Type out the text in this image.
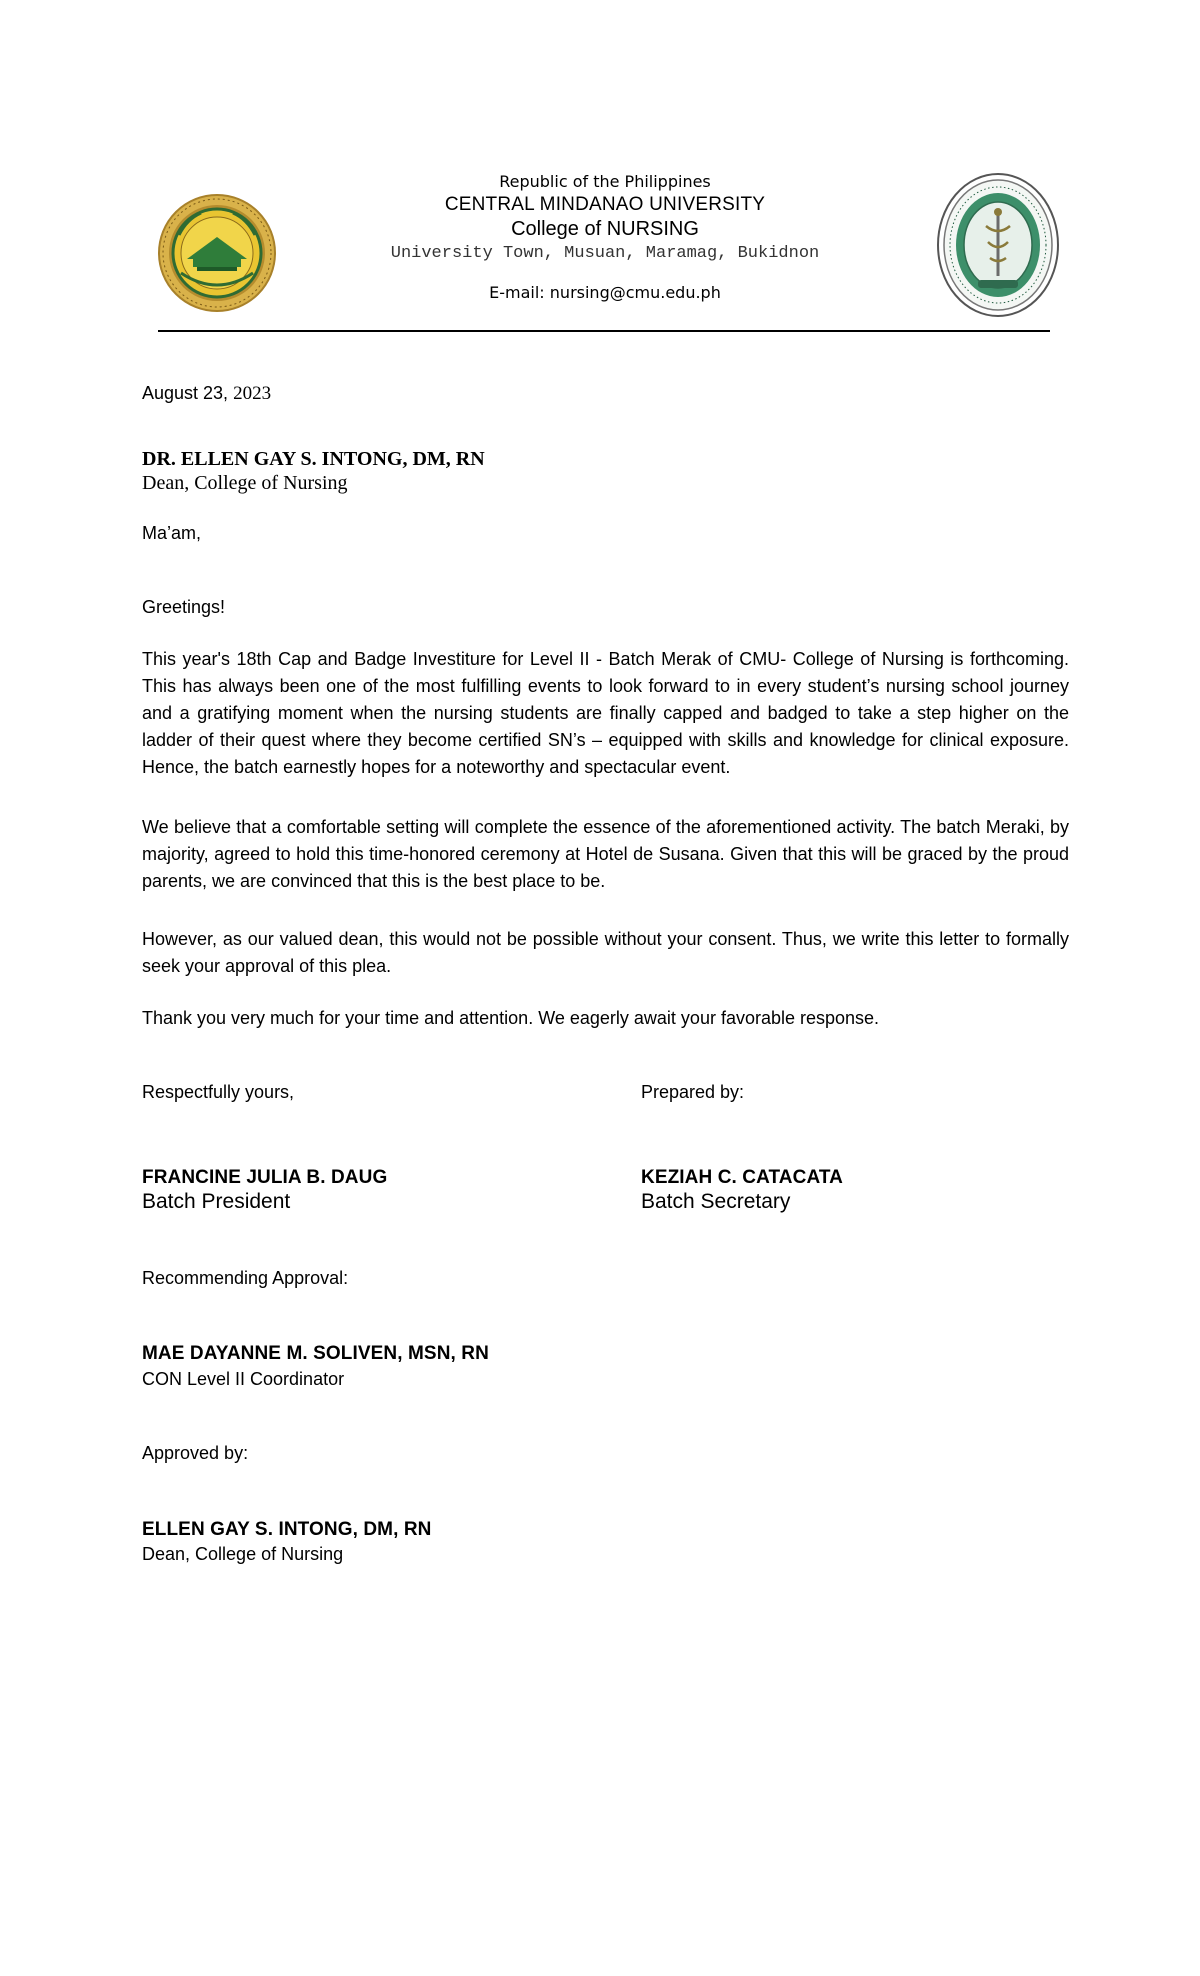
Republic of the Philippines
CENTRAL MINDANAO UNIVERSITY
College of NURSING
University Town, Musuan, Maramag, Bukidnon
E-mail: nursing@cmu.edu.ph
August 23, 2023
DR. ELLEN GAY S. INTONG, DM, RN
Dean, College of Nursing
Ma’am,
Greetings!
This year's 18th Cap and Badge Investiture for Level II - Batch Merak of CMU- College of Nursing is forthcoming. This has always been one of the most fulfilling events to look forward to in every student’s nursing school journey and a gratifying moment when the nursing students are finally capped and badged to take a step higher on the ladder of their quest where they become certified SN’s – equipped with skills and knowledge for clinical exposure. Hence, the batch earnestly hopes for a noteworthy and spectacular event.
We believe that a comfortable setting will complete the essence of the aforementioned activity. The batch Meraki, by majority, agreed to hold this time-honored ceremony at Hotel de Susana. Given that this will be graced by the proud parents, we are convinced that this is the best place to be.
However, as our valued dean, this would not be possible without your consent. Thus, we write this letter to formally seek your approval of this plea.
Thank you very much for your time and attention. We eagerly await your favorable response.
Respectfully yours,	Prepared by:
FRANCINE JULIA B. DAUG
Batch President
KEZIAH C. CATACATA
Batch Secretary
Recommending Approval:
MAE DAYANNE M. SOLIVEN, MSN, RN
CON Level II Coordinator
Approved by:
ELLEN GAY S. INTONG, DM, RN
Dean, College of Nursing
